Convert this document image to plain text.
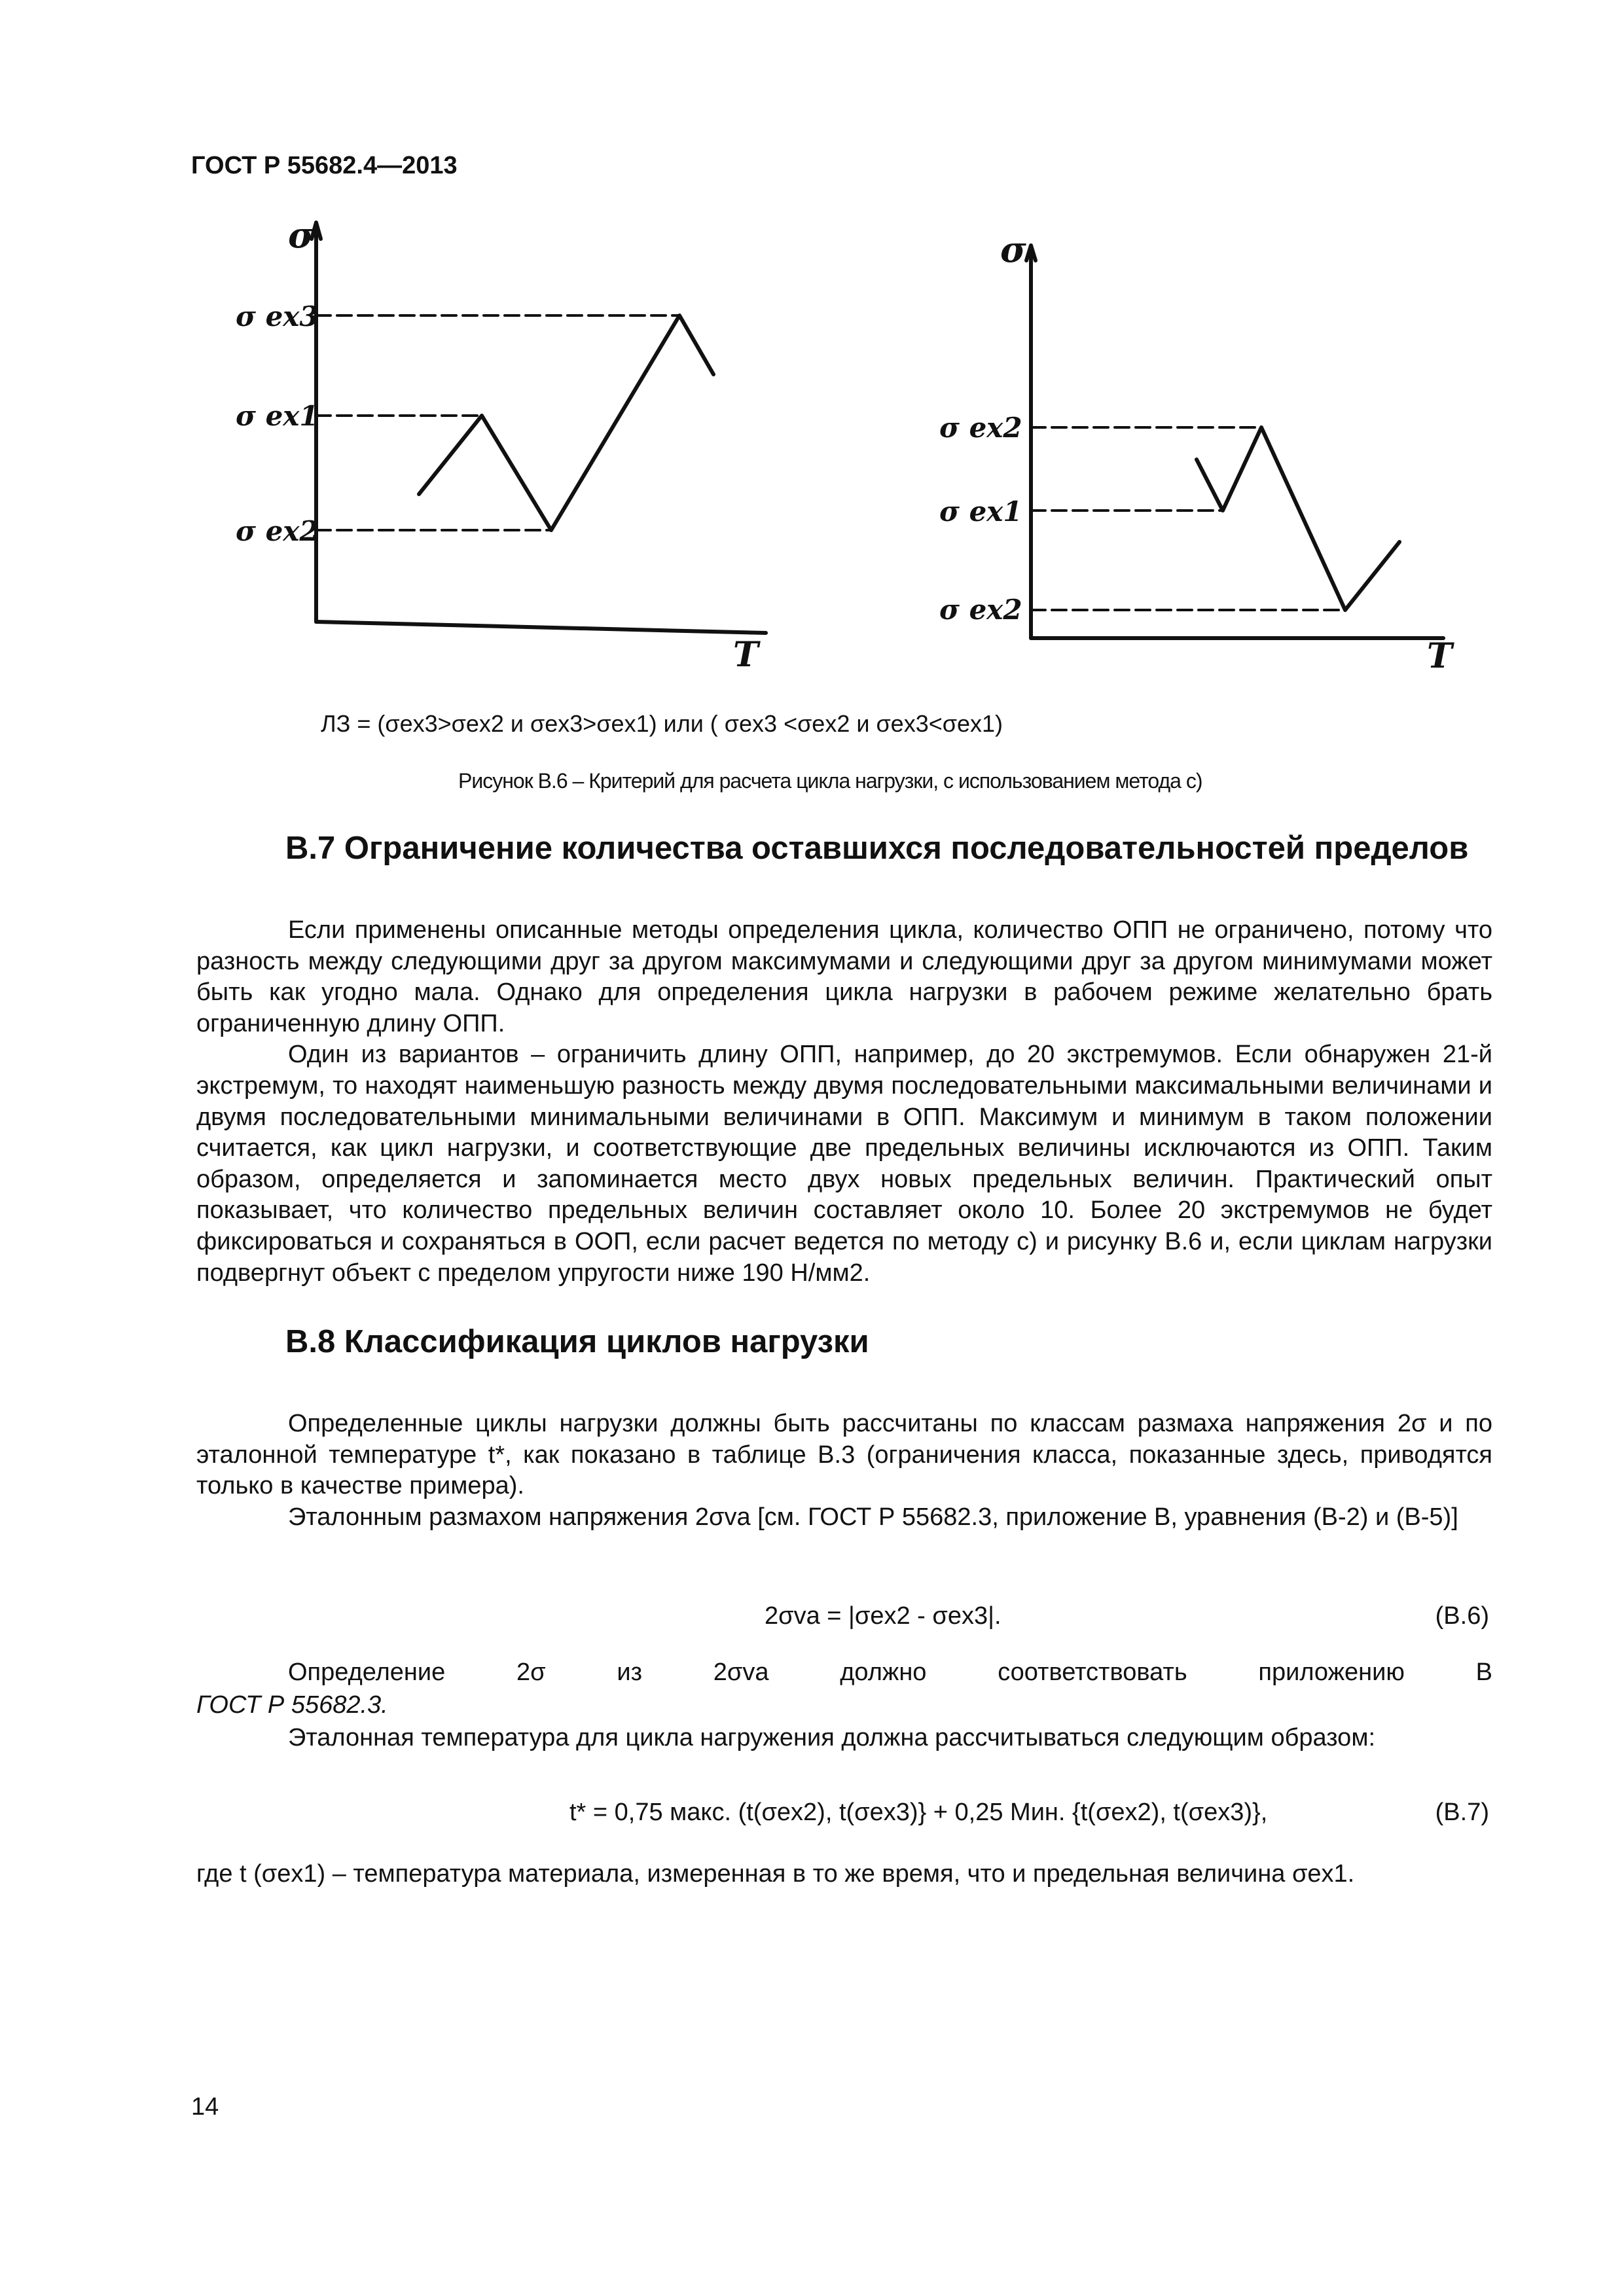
ГОСТ Р 55682.4—2013
σ
σ ex3
σ ex1
σ ex2
T
σ
σ ex2
σ ex1
σ ex2
T
ЛЗ = (σex3>σex2 и σex3>σex1) или ( σex3 <σex2 и σex3<σex1)
Рисунок В.6 – Критерий для расчета цикла нагрузки, с использованием метода с)
В.7 Ограничение количества оставшихся последовательностей пределов

Если применены описанные методы определения цикла, количество ОПП не ограничено, потому что разность между следующими друг за другом максимумами и следующими друг за другом минимумами может быть как угодно мала. Однако для определения цикла нагрузки в рабочем режиме желательно брать ограниченную длину ОПП.

Один из вариантов – ограничить длину ОПП, например, до 20 экстремумов. Если обнаружен 21-й экстремум, то находят наименьшую разность между двумя последовательными максимальными величинами и двумя последовательными минимальными величинами в ОПП. Максимум и минимум в таком положении считается, как цикл нагрузки, и соответствующие две предельных величины исключаются из ОПП. Таким образом, определяется и запоминается место двух новых предельных величин. Практический опыт показывает, что количество предельных величин составляет около 10. Более 20 экстремумов не будет фиксироваться и сохраняться в ООП, если расчет ведется по методу с) и рисунку В.6 и, если циклам нагрузки подвергнут объект с пределом упругости ниже 190 Н/мм2.

В.8 Классификация циклов нагрузки

Определенные циклы нагрузки должны быть рассчитаны по классам размаха напряжения 2σ и по эталонной температуре t*, как показано в таблице В.3 (ограничения класса, показанные здесь, приводятся только в качестве примера).

Эталонным размахом напряжения 2σva [см. ГОСТ Р 55682.3, приложение В, уравнения (В-2) и (В-5)]

2σva = |σex2 - σex3|.	(В.6)
Определение	2σ	из	2σva	должно	соответствовать	приложению	В
ГОСТ Р 55682.3.
Эталонная температура для цикла нагружения должна рассчитываться следующим образом:
t* = 0,75 макс. (t(σex2), t(σex3)} + 0,25 Мин. {t(σex2), t(σex3)},	(В.7)
где t (σex1) – температура материала, измеренная в то же время, что и предельная величина σex1.
14
